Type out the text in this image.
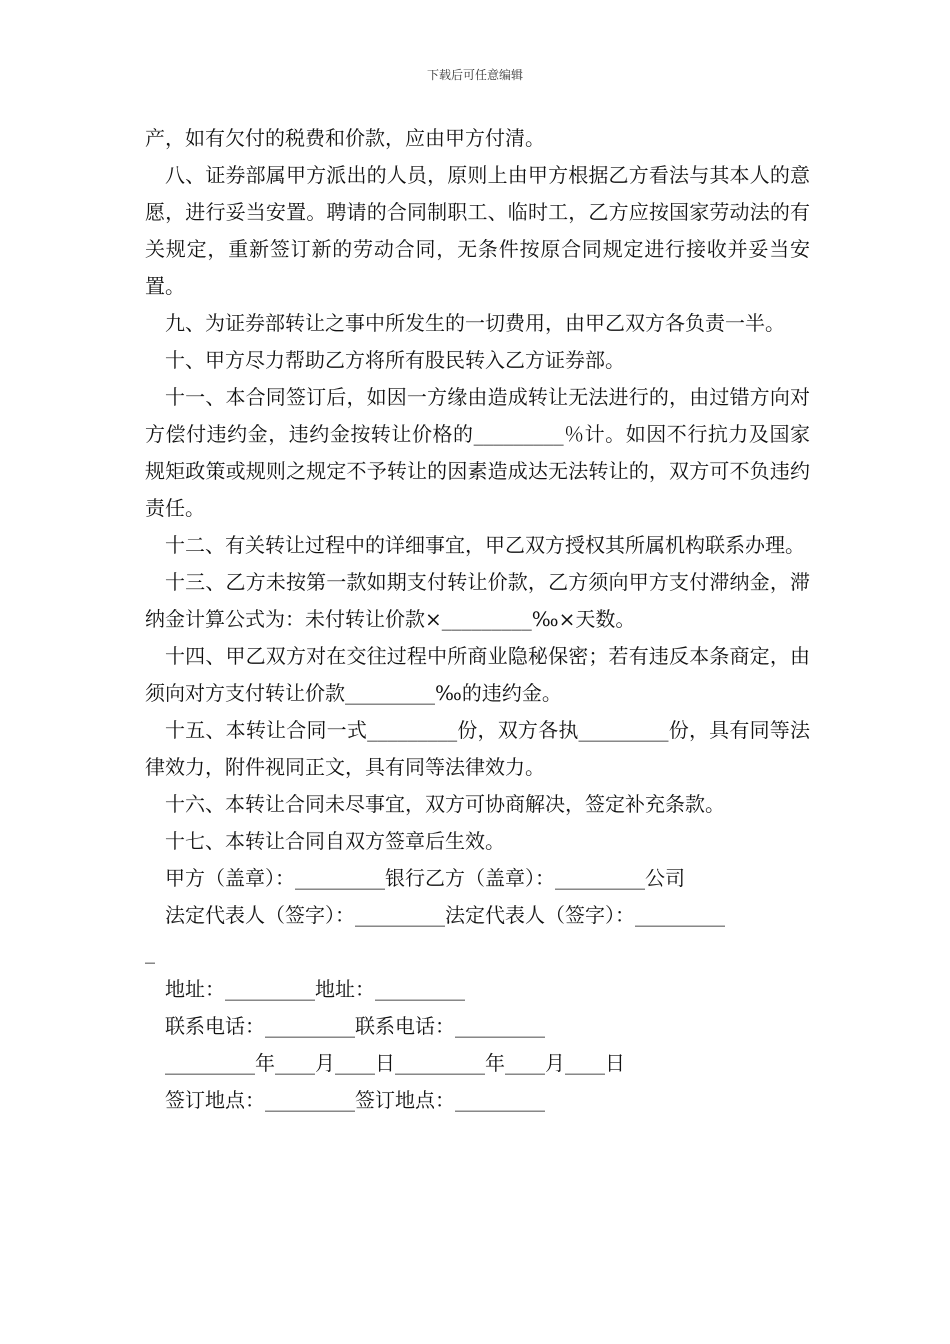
下载后可任意编辑

产，如有欠付的税费和价款，应由甲方付清。

八、证券部属甲方派出的人员，原则上由甲方根据乙方看法与其本人的意愿，进行妥当安置。聘请的合同制职工、临时工，乙方应按国家劳动法的有关规定，重新签订新的劳动合同，无条件按原合同规定进行接收并妥当安置。

九、为证券部转让之事中所发生的一切费用，由甲乙双方各负责一半。

十、甲方尽力帮助乙方将所有股民转入乙方证券部。

十一、本合同签订后，如因一方缘由造成转让无法进行的，由过错方向对方偿付违约金，违约金按转让价格的_________％计。如因不行抗力及国家规矩政策或规则之规定不予转让的因素造成达无法转让的，双方可不负违约责任。

十二、有关转让过程中的详细事宜，甲乙双方授权其所属机构联系办理。

十三、乙方未按第一款如期支付转让价款，乙方须向甲方支付滞纳金，滞纳金计算公式为：未付转让价款×_________‰×天数。

十四、甲乙双方对在交往过程中所商业隐秘保密；若有违反本条商定，由须向对方支付转让价款_________‰的违约金。

十五、本转让合同一式_________份，双方各执_________份，具有同等法律效力，附件视同正文，具有同等法律效力。

十六、本转让合同未尽事宜，双方可协商解决，签定补充条款。

十七、本转让合同自双方签章后生效。

甲方（盖章）：_________银行乙方（盖章）：_________公司

法定代表人（签字）：_________法定代表人（签字）：_________

_

地址：_________地址：_________

联系电话：_________联系电话：_________

_________年____月____日_________年____月____日

签订地点：_________签订地点：_________
